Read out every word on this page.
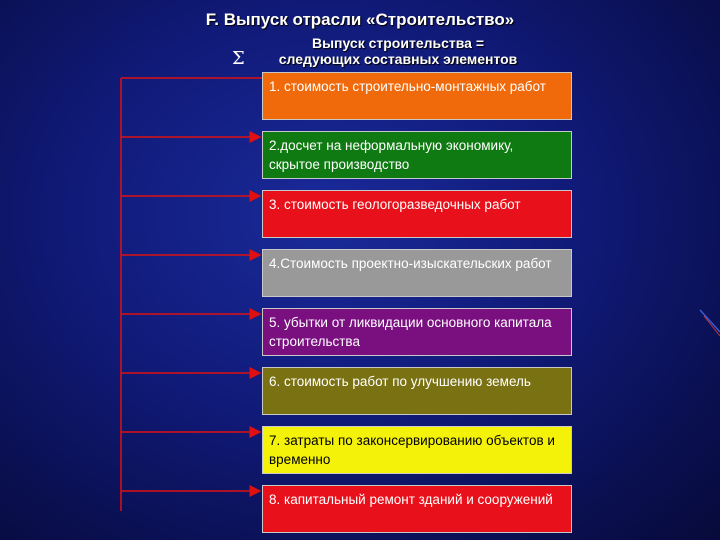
F. Выпуск отрасли «Строительство»
Выпуск строительства =
следующих составных элементов
Σ
1. стоимость строительно-монтажных работ
2.досчет на неформальную экономику, скрытое производство
3. стоимость геологоразведочных работ
4.Стоимость проектно-изыскательских работ
5. убытки от ликвидации основного капитала строительства
6. стоимость работ по улучшению земель
7. затраты по законсервированию объектов и временно
8. капитальный ремонт зданий и сооружений
